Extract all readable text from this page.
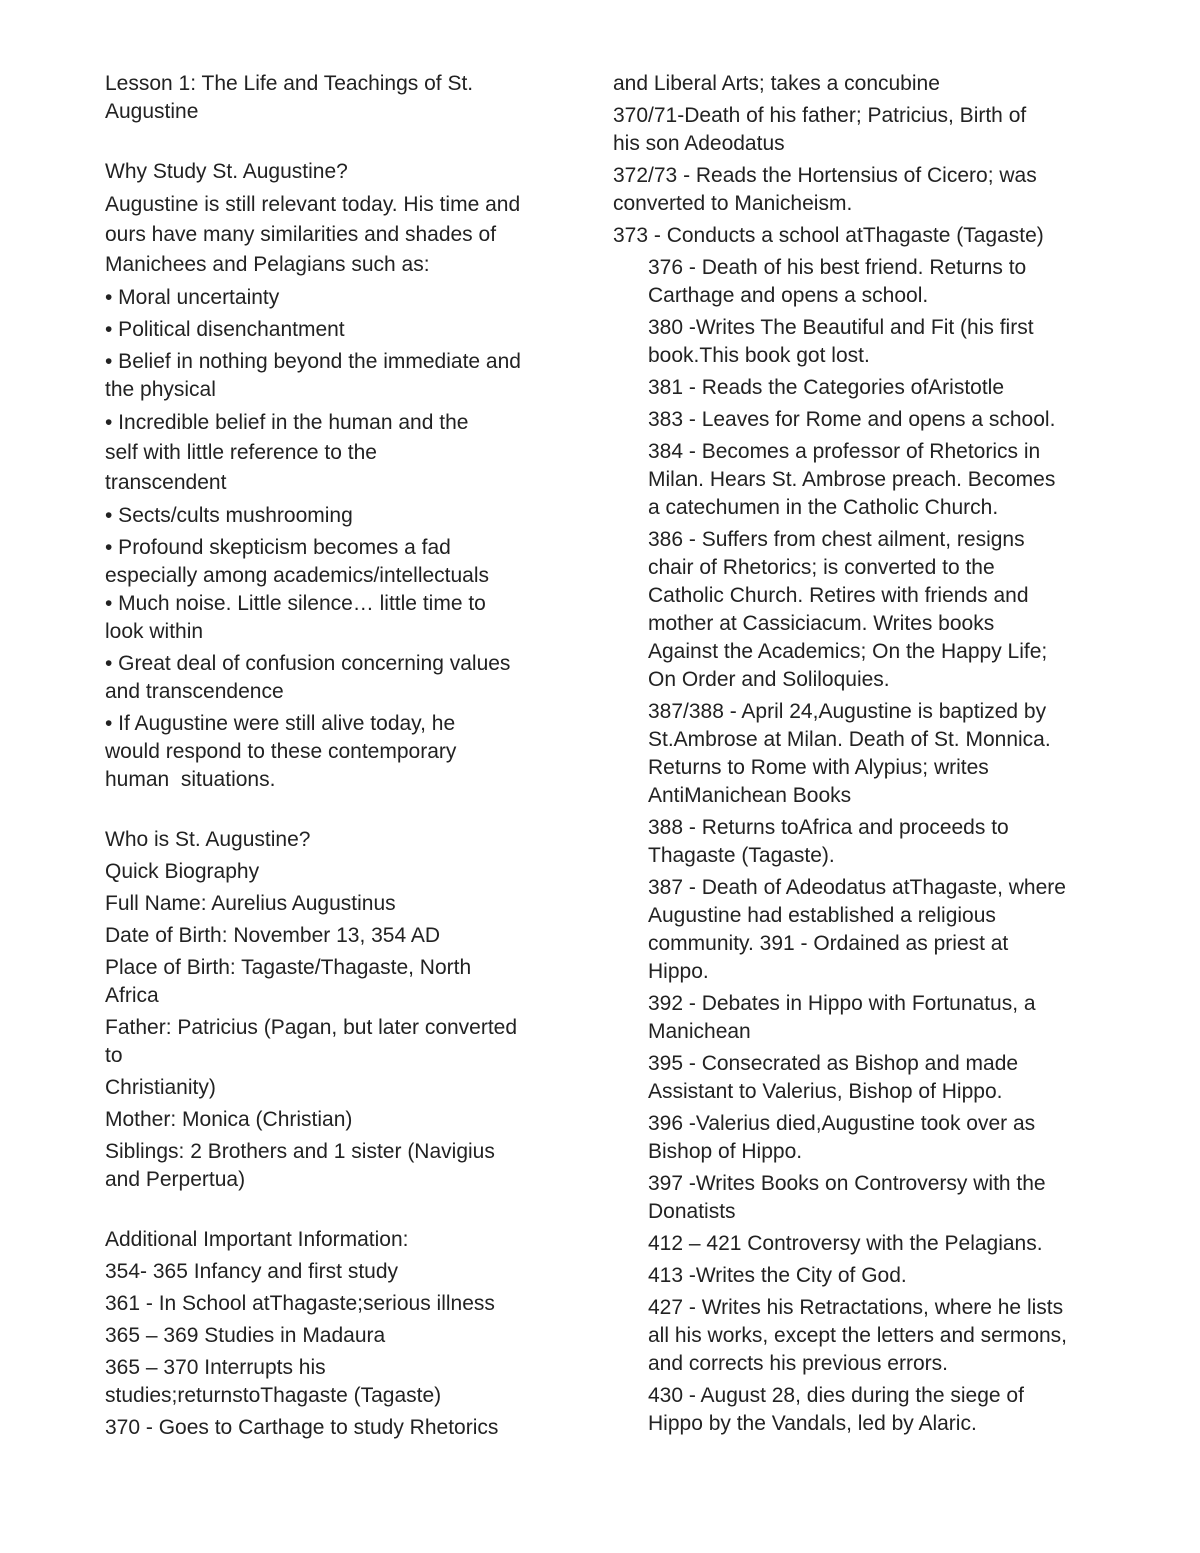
Lesson 1: The Life and Teachings of St.

Augustine

Why Study St. Augustine?

Augustine is still relevant today. His time and

ours have many similarities and shades of

Manichees and Pelagians such as:

• Moral uncertainty

• Political disenchantment

• Belief in nothing beyond the immediate and

the physical

• Incredible belief in the human and the

self with little reference to the

transcendent

• Sects/cults mushrooming

• Profound skepticism becomes a fad

especially among academics/intellectuals

• Much noise. Little silence… little time to

look within

• Great deal of confusion concerning values

and transcendence

• If Augustine were still alive today, he

would respond to these contemporary

human  situations.

Who is St. Augustine?

Quick Biography

Full Name: Aurelius Augustinus

Date of Birth: November 13, 354 AD

Place of Birth: Tagaste/Thagaste, North

Africa

Father: Patricius (Pagan, but later converted

to

Christianity)

Mother: Monica (Christian)

Siblings: 2 Brothers and 1 sister (Navigius

and Perpertua)

Additional Important Information:

354- 365 Infancy and first study

361 - In School atThagaste;serious illness

365 – 369 Studies in Madaura

365 – 370 Interrupts his

studies;returnstoThagaste (Tagaste)

370 - Goes to Carthage to study Rhetorics

and Liberal Arts; takes a concubine

370/71-Death of his father; Patricius, Birth of

his son Adeodatus

372/73 - Reads the Hortensius of Cicero; was

converted to Manicheism.

373 - Conducts a school atThagaste (Tagaste)

376 - Death of his best friend. Returns to

Carthage and opens a school.

380 -Writes The Beautiful and Fit (his first

book.This book got lost.

381 - Reads the Categories ofAristotle

383 - Leaves for Rome and opens a school.

384 - Becomes a professor of Rhetorics in

Milan. Hears St. Ambrose preach. Becomes

a catechumen in the Catholic Church.

386 - Suffers from chest ailment, resigns

chair of Rhetorics; is converted to the

Catholic Church. Retires with friends and

mother at Cassiciacum. Writes books

Against the Academics; On the Happy Life;

On Order and Soliloquies.

387/388 - April 24,Augustine is baptized by

St.Ambrose at Milan. Death of St. Monnica.

Returns to Rome with Alypius; writes

AntiManichean Books

388 - Returns toAfrica and proceeds to

Thagaste (Tagaste).

387 - Death of Adeodatus atThagaste, where

Augustine had established a religious

community. 391 - Ordained as priest at

Hippo.

392 - Debates in Hippo with Fortunatus, a

Manichean

395 - Consecrated as Bishop and made

Assistant to Valerius, Bishop of Hippo.

396 -Valerius died,Augustine took over as

Bishop of Hippo.

397 -Writes Books on Controversy with the

Donatists

412 – 421 Controversy with the Pelagians.

413 -Writes the City of God.

427 - Writes his Retractations, where he lists

all his works, except the letters and sermons,

and corrects his previous errors.

430 - August 28, dies during the siege of

Hippo by the Vandals, led by Alaric.
